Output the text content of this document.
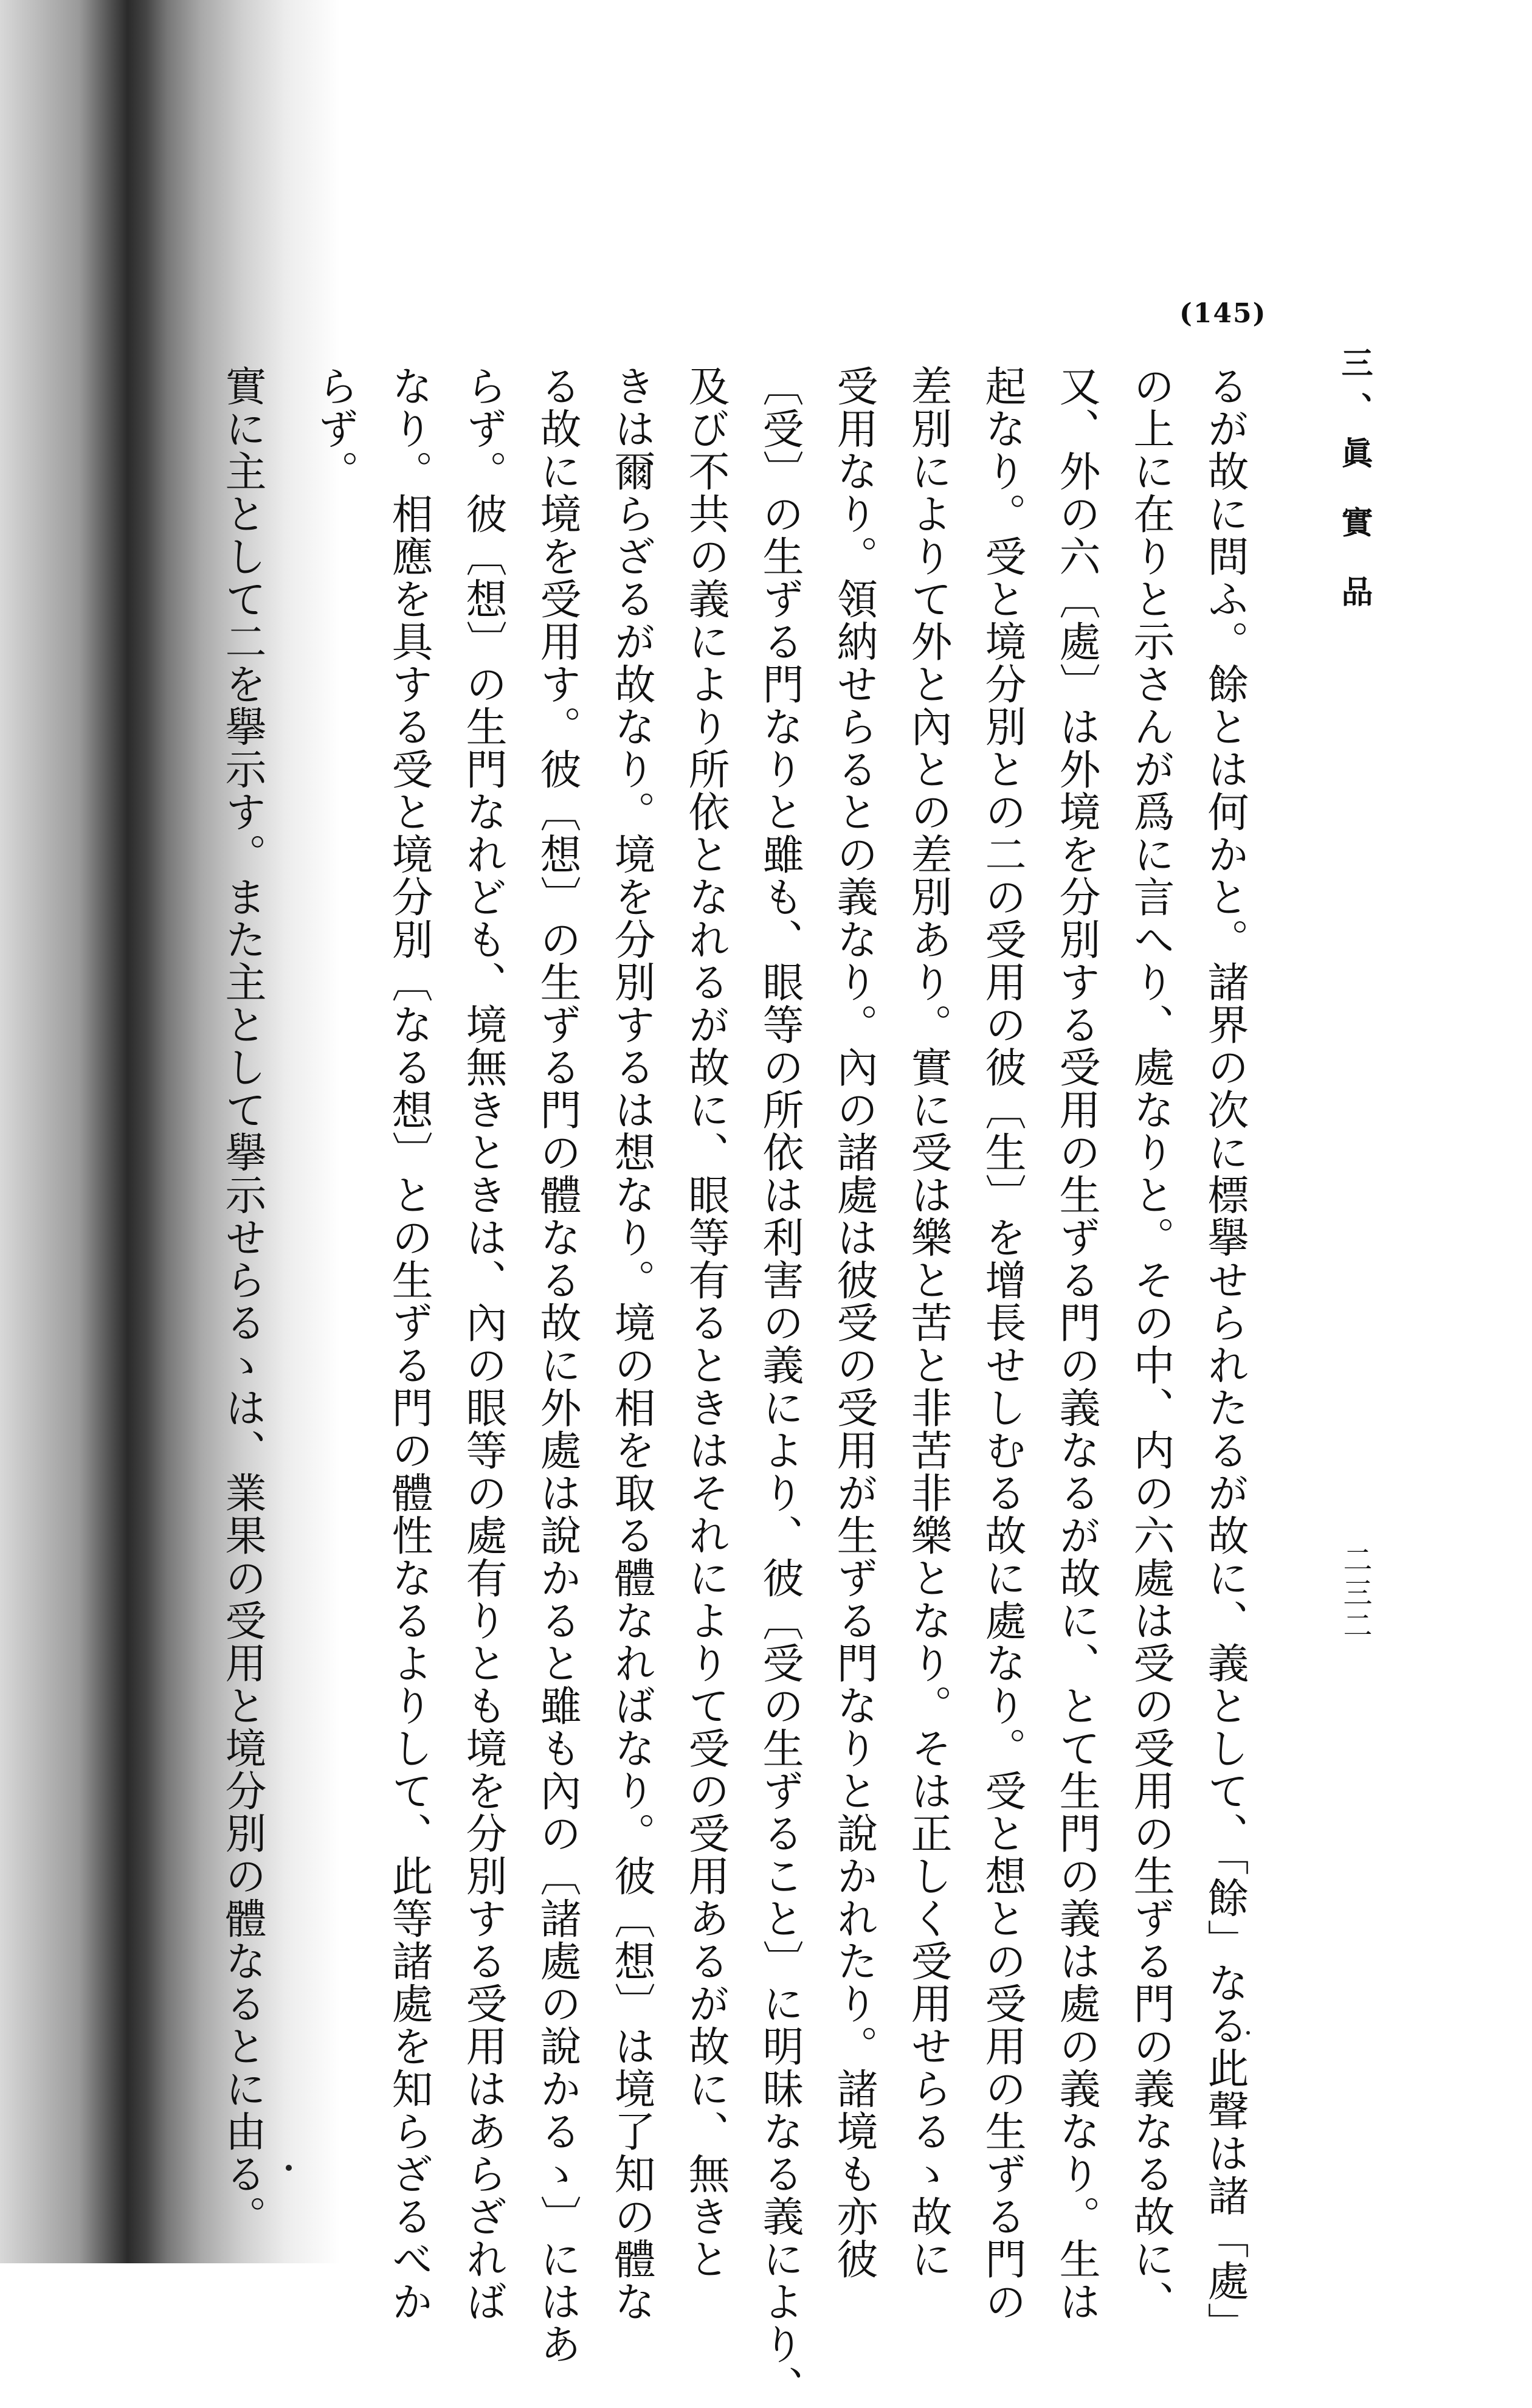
(145)
三、眞 實 品
二三二
るが故に問ふ。餘とは何かと。諸界の次に標擧せられたるが故に、義として、「餘」なる此聲は諸「處」
の上に在りと示さんが爲に言へり、處なりと。その中、内の六處は受の受用の生ずる門の義なる故に、
又、外の六〔處〕は外境を分別する受用の生ずる門の義なるが故に、とて生門の義は處の義なり。生は
起なり。受と境分別との二の受用の彼〔生〕を增長せしむる故に處なり。受と想との受用の生ずる門の
差別によりて外と內との差別あり。實に受は樂と苦と非苦非樂となり。そは正しく受用せらるゝ故に
受用なり。領納せらるとの義なり。內の諸處は彼受の受用が生ずる門なりと說かれたり。諸境も亦彼
〔受〕の生ずる門なりと雖も、眼等の所依は利害の義により、彼〔受の生ずること〕に明昧なる義により、
及び不共の義により所依となれるが故に、眼等有るときはそれによりて受の受用あるが故に、無きと
きは爾らざるが故なり。境を分別するは想なり。境の相を取る體なればなり。彼〔想〕は境了知の體な
る故に境を受用す。彼〔想〕の生ずる門の體なる故に外處は說かると雖も內の〔諸處の說かるゝ〕にはあ
らず。彼〔想〕の生門なれども、境無きときは、內の眼等の處有りとも境を分別する受用はあらざれば
なり。相應を具する受と境分別〔なる想〕との生ずる門の體性なるよりして、此等諸處を知らざるべか
らず。
實に主として二を擧示す。また主として擧示せらるゝは、業果の受用と境分別の體なるとに由る。
